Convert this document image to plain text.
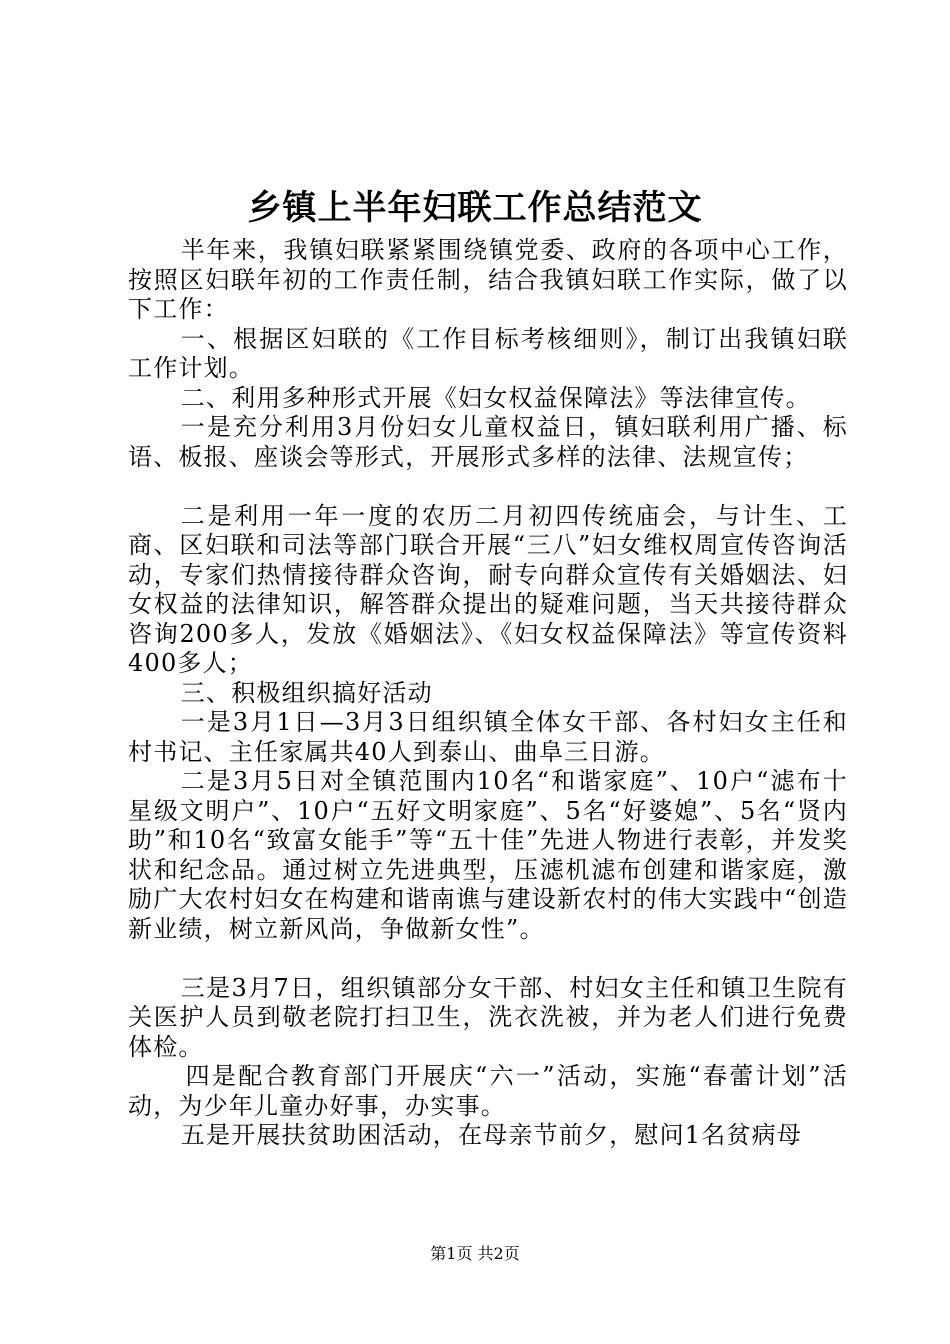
乡镇上半年妇联工作总结范文

半年来，我镇妇联紧紧围绕镇党委、政府的各项中心工作，按照区妇联年初的工作责任制，结合我镇妇联工作实际，做了以下工作：

一、根据区妇联的《工作目标考核细则》，制订出我镇妇联工作计划。

二、利用多种形式开展《妇女权益保障法》等法律宣传。

一是充分利用3月份妇女儿童权益日，镇妇联利用广播、标语、板报、座谈会等形式，开展形式多样的法律、法规宣传；

二是利用一年一度的农历二月初四传统庙会，与计生、工商、区妇联和司法等部门联合开展“三八”妇女维权周宣传咨询活动，专家们热情接待群众咨询，耐专向群众宣传有关婚姻法、妇女权益的法律知识，解答群众提出的疑难问题，当天共接待群众咨询200多人，发放《婚姻法》、《妇女权益保障法》等宣传资料400多人；

三、积极组织搞好活动

一是3月1日—3月3日组织镇全体女干部、各村妇女主任和村书记、主任家属共40人到泰山、曲阜三日游。

二是3月5日对全镇范围内10名“和谐家庭”、10户“滤布十星级文明户”、10户“五好文明家庭”、5名“好婆媳”、5名“贤内助”和10名“致富女能手”等“五十佳”先进人物进行表彰，并发奖状和纪念品。通过树立先进典型，压滤机滤布创建和谐家庭，激励广大农村妇女在构建和谐南谯与建设新农村的伟大实践中“创造新业绩，树立新风尚，争做新女性”。

三是3月7日，组织镇部分女干部、村妇女主任和镇卫生院有关医护人员到敬老院打扫卫生，洗衣洗被，并为老人们进行免费体检。

四是配合教育部门开展庆“六一”活动，实施“春蕾计划”活动，为少年儿童办好事，办实事。

五是开展扶贫助困活动，在母亲节前夕，慰问1名贫病母

第1页 共2页
